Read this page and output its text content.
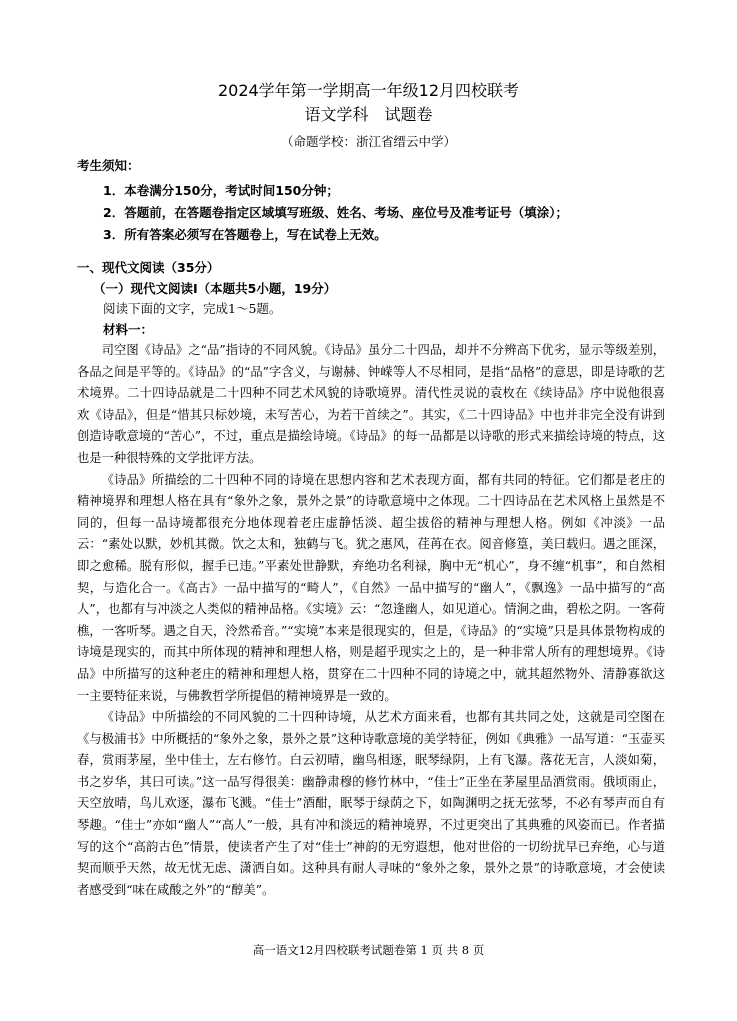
2024学年第一学期高一年级12月四校联考
语文学科　试题卷
（命题学校：浙江省缙云中学）
考生须知：
1．本卷满分150分，考试时间150分钟；
2．答题前，在答题卷指定区域填写班级、姓名、考场、座位号及准考证号（填涂）；
3．所有答案必须写在答题卷上，写在试卷上无效。
一、现代文阅读（35分）
（一）现代文阅读Ⅰ（本题共5小题，19分）
阅读下面的文字，完成1～5题。
材料一：

司空图《诗品》之“品”指诗的不同风貌。《诗品》虽分二十四品，却并不分辨高下优劣，显示等级差别，各品之间是平等的。《诗品》的“品”字含义，与谢赫、钟嵘等人不尽相同，是指“品格”的意思，即是诗歌的艺术境界。二十四诗品就是二十四种不同艺术风貌的诗歌境界。清代性灵说的袁枚在《续诗品》序中说他很喜欢《诗品》，但是“惜其只标妙境，未写苦心，为若干首续之”。其实，《二十四诗品》中也并非完全没有讲到创造诗歌意境的“苦心”，不过，重点是描绘诗境。《诗品》的每一品都是以诗歌的形式来描绘诗境的特点，这也是一种很特殊的文学批评方法。

《诗品》所描绘的二十四种不同的诗境在思想内容和艺术表现方面，都有共同的特征。它们都是老庄的精神境界和理想人格在具有“象外之象，景外之景”的诗歌意境中之体现。二十四诗品在艺术风格上虽然是不同的，但每一品诗境都很充分地体现着老庄虚静恬淡、超尘拔俗的精神与理想人格。例如《冲淡》一品云：“素处以默，妙机其微。饮之太和，独鹤与飞。犹之惠风，荏苒在衣。阅音修篁，美曰载归。遇之匪深，即之愈稀。脱有形似，握手已违。”平素处世静默，弃绝功名利禄，胸中无“机心”，身不缠“机事”，和自然相契，与造化合一。《高古》一品中描写的“畸人”，《自然》一品中描写的“幽人”，《飘逸》一品中描写的“高人”，也都有与冲淡之人类似的精神品格。《实境》云：“忽逢幽人，如见道心。情涧之曲，碧松之阴。一客荷樵，一客听琴。遇之自天，泠然希音。”“实境”本来是很现实的，但是，《诗品》的“实境”只是具体景物构成的诗境是现实的，而其中所体现的精神和理想人格，则是超乎现实之上的，是一种非常人所有的理想境界。《诗品》中所描写的这种老庄的精神和理想人格，贯穿在二十四种不同的诗境之中，就其超然物外、清静寡欲这一主要特征来说，与佛教哲学所提倡的精神境界是一致的。

《诗品》中所描绘的不同风貌的二十四种诗境，从艺术方面来看，也都有其共同之处，这就是司空图在《与极浦书》中所概括的“象外之象，景外之景”这种诗歌意境的美学特征，例如《典雅》一品写道：“玉壶买春，赏雨茅屋，坐中佳士，左右修竹。白云初晴，幽鸟相逐，眠琴绿阴，上有飞瀑。落花无言，人淡如菊，书之岁华，其曰可读。”这一品写得很美：幽静肃穆的修竹林中，“佳士”正坐在茅屋里品酒赏雨。俄顷雨止，天空放晴，鸟儿欢逐，瀑布飞溅。“佳士”酒酣，眠琴于绿荫之下，如陶渊明之抚无弦琴，不必有琴声而自有琴趣。“佳士”亦如“幽人”“高人”一般，具有冲和淡远的精神境界，不过更突出了其典雅的风姿而已。作者描写的这个“高韵古色”情景，使读者产生了对“佳士”神韵的无穷遐想，他对世俗的一切纷扰早已弃绝，心与道契而顺乎天然，故无忧无虑、潇洒自如。这种具有耐人寻味的“象外之象，景外之景”的诗歌意境，才会使读者感受到“味在咸酸之外”的“醇美”。

高一语文12月四校联考试题卷第 1 页 共 8 页
